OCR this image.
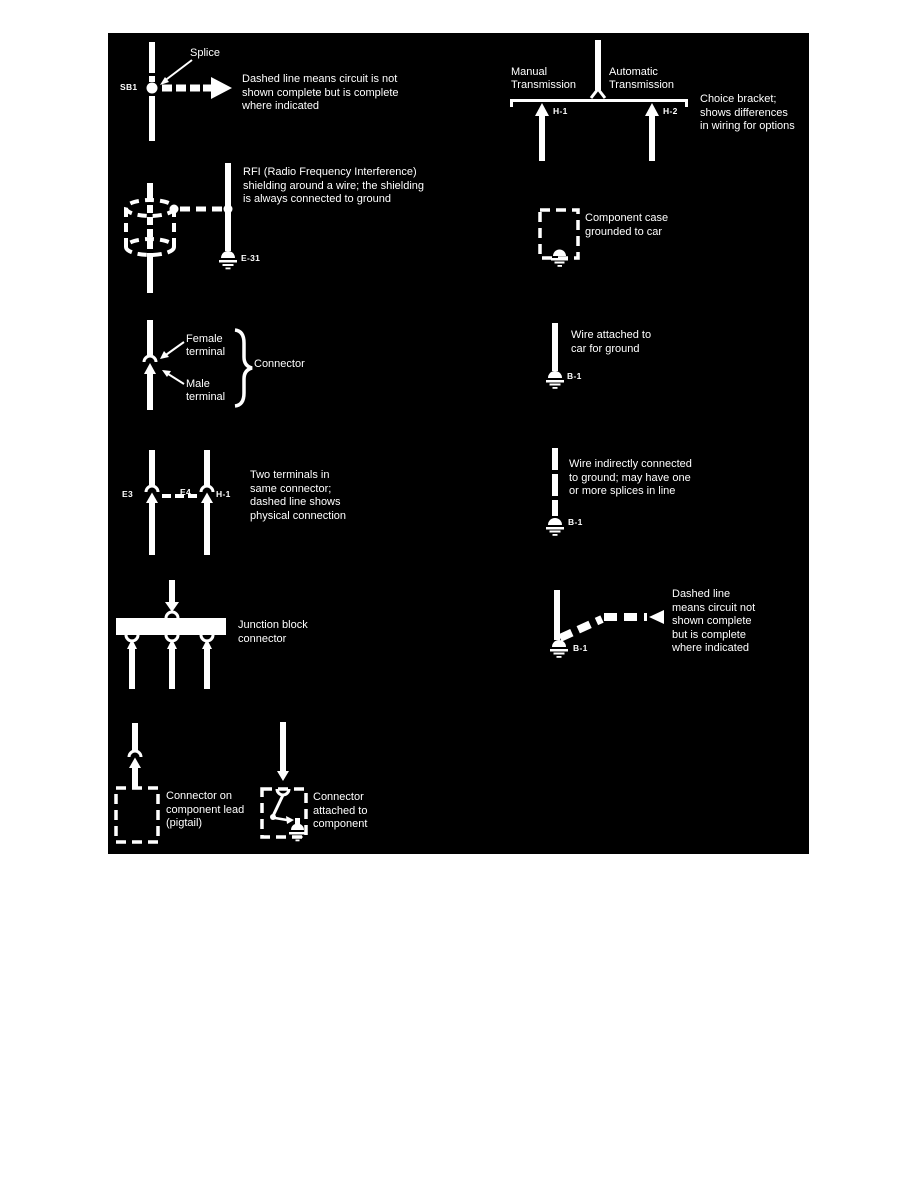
SB1
Splice
Dashed line means circuit is not
shown complete but is complete
where indicated
E-31
RFI (Radio Frequency Interference)
shielding around a wire; the shielding
is always connected to ground
Female terminal
Male terminal
Connector
E3	E4	H-1
Two terminals in
same connector;
dashed line shows
physical connection
Junction block
connector
Connector on
component lead
(pigtail)
Connector
attached to
component
Manual Transmission
Automatic Transmission
H-1	H-2
Choice bracket;
shows differences
in wiring for options
Component case
grounded to car
B-1
Wire attached to
car for ground
B-1
Wire indirectly connected
to ground; may have one
or more splices in line
B-1
Dashed line
means circuit not
shown complete
but is complete
where indicated
